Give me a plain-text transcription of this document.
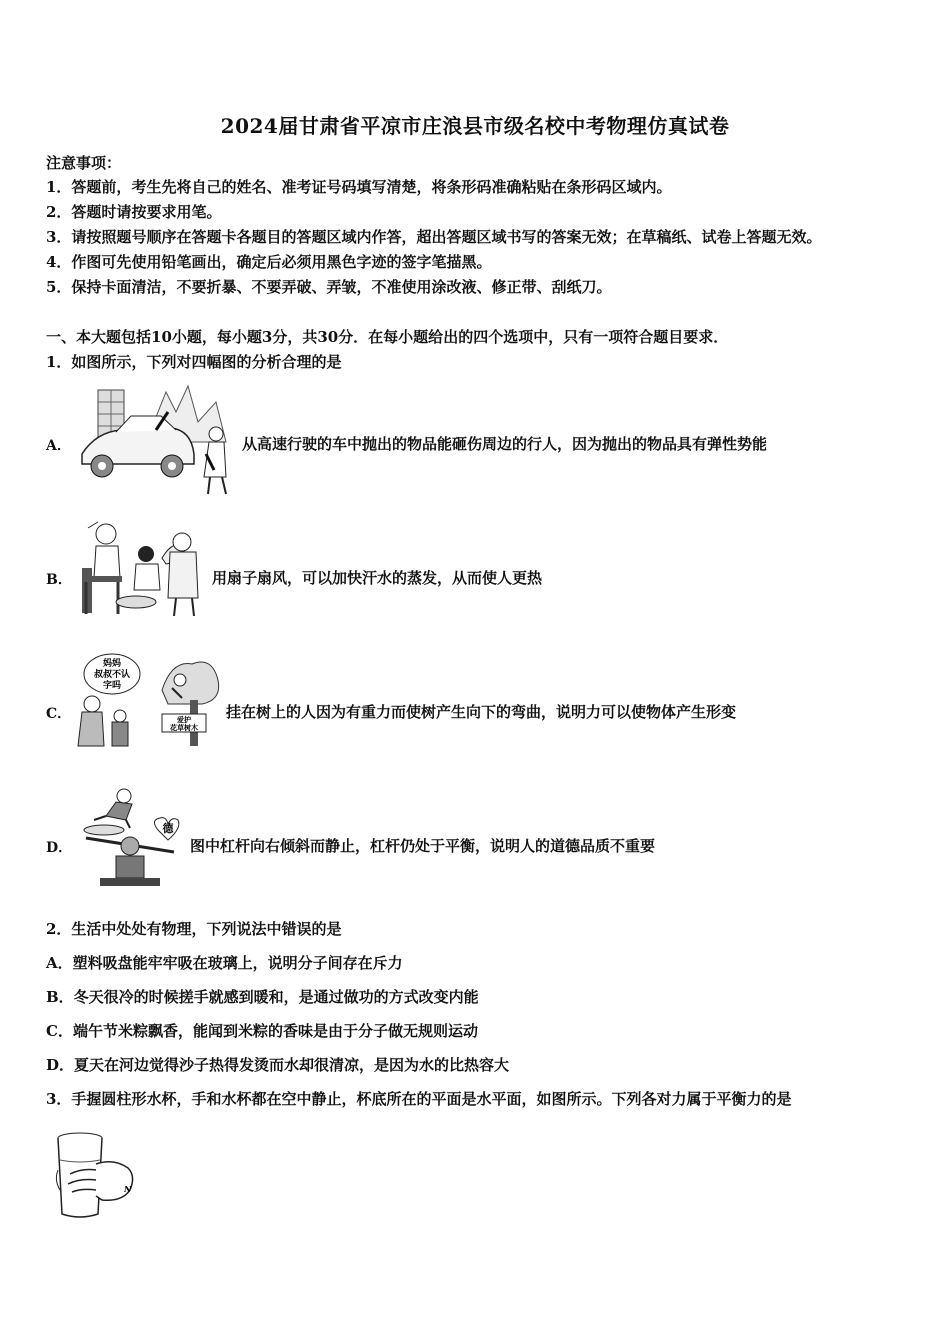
2024届甘肃省平凉市庄浪县市级名校中考物理仿真试卷
注意事项：
1．答题前，考生先将自己的姓名、准考证号码填写清楚，将条形码准确粘贴在条形码区域内。
2．答题时请按要求用笔。
3．请按照题号顺序在答题卡各题目的答题区域内作答，超出答题区域书写的答案无效；在草稿纸、试卷上答题无效。
4．作图可先使用铅笔画出，确定后必须用黑色字迹的签字笔描黑。
5．保持卡面清洁，不要折暴、不要弄破、弄皱，不准使用涂改液、修正带、刮纸刀。
一、本大题包括10小题，每小题3分，共30分．在每小题给出的四个选项中，只有一项符合题目要求．
1．如图所示，下列对四幅图的分析合理的是
A．	从高速行驶的车中抛出的物品能砸伤周边的行人，因为抛出的物品具有弹性势能
B．	用扇子扇风，可以加快汗水的蒸发，从而使人更热
C．
妈妈
叔叔不认
字吗
爱护
花草树木
挂在树上的人因为有重力而使树产生向下的弯曲，说明力可以使物体产生形变
D．
德
图中杠杆向右倾斜而静止，杠杆仍处于平衡，说明人的道德品质不重要
2．生活中处处有物理，下列说法中错误的是
A．塑料吸盘能牢牢吸在玻璃上，说明分子间存在斥力
B．冬天很冷的时候搓手就感到暖和，是通过做功的方式改变内能
C．端午节米粽飘香，能闻到米粽的香味是由于分子做无规则运动
D．夏天在河边觉得沙子热得发烫而水却很清凉，是因为水的比热容大
3．手握圆柱形水杯，手和水杯都在空中静止，杯底所在的平面是水平面，如图所示。下列各对力属于平衡力的是
N
